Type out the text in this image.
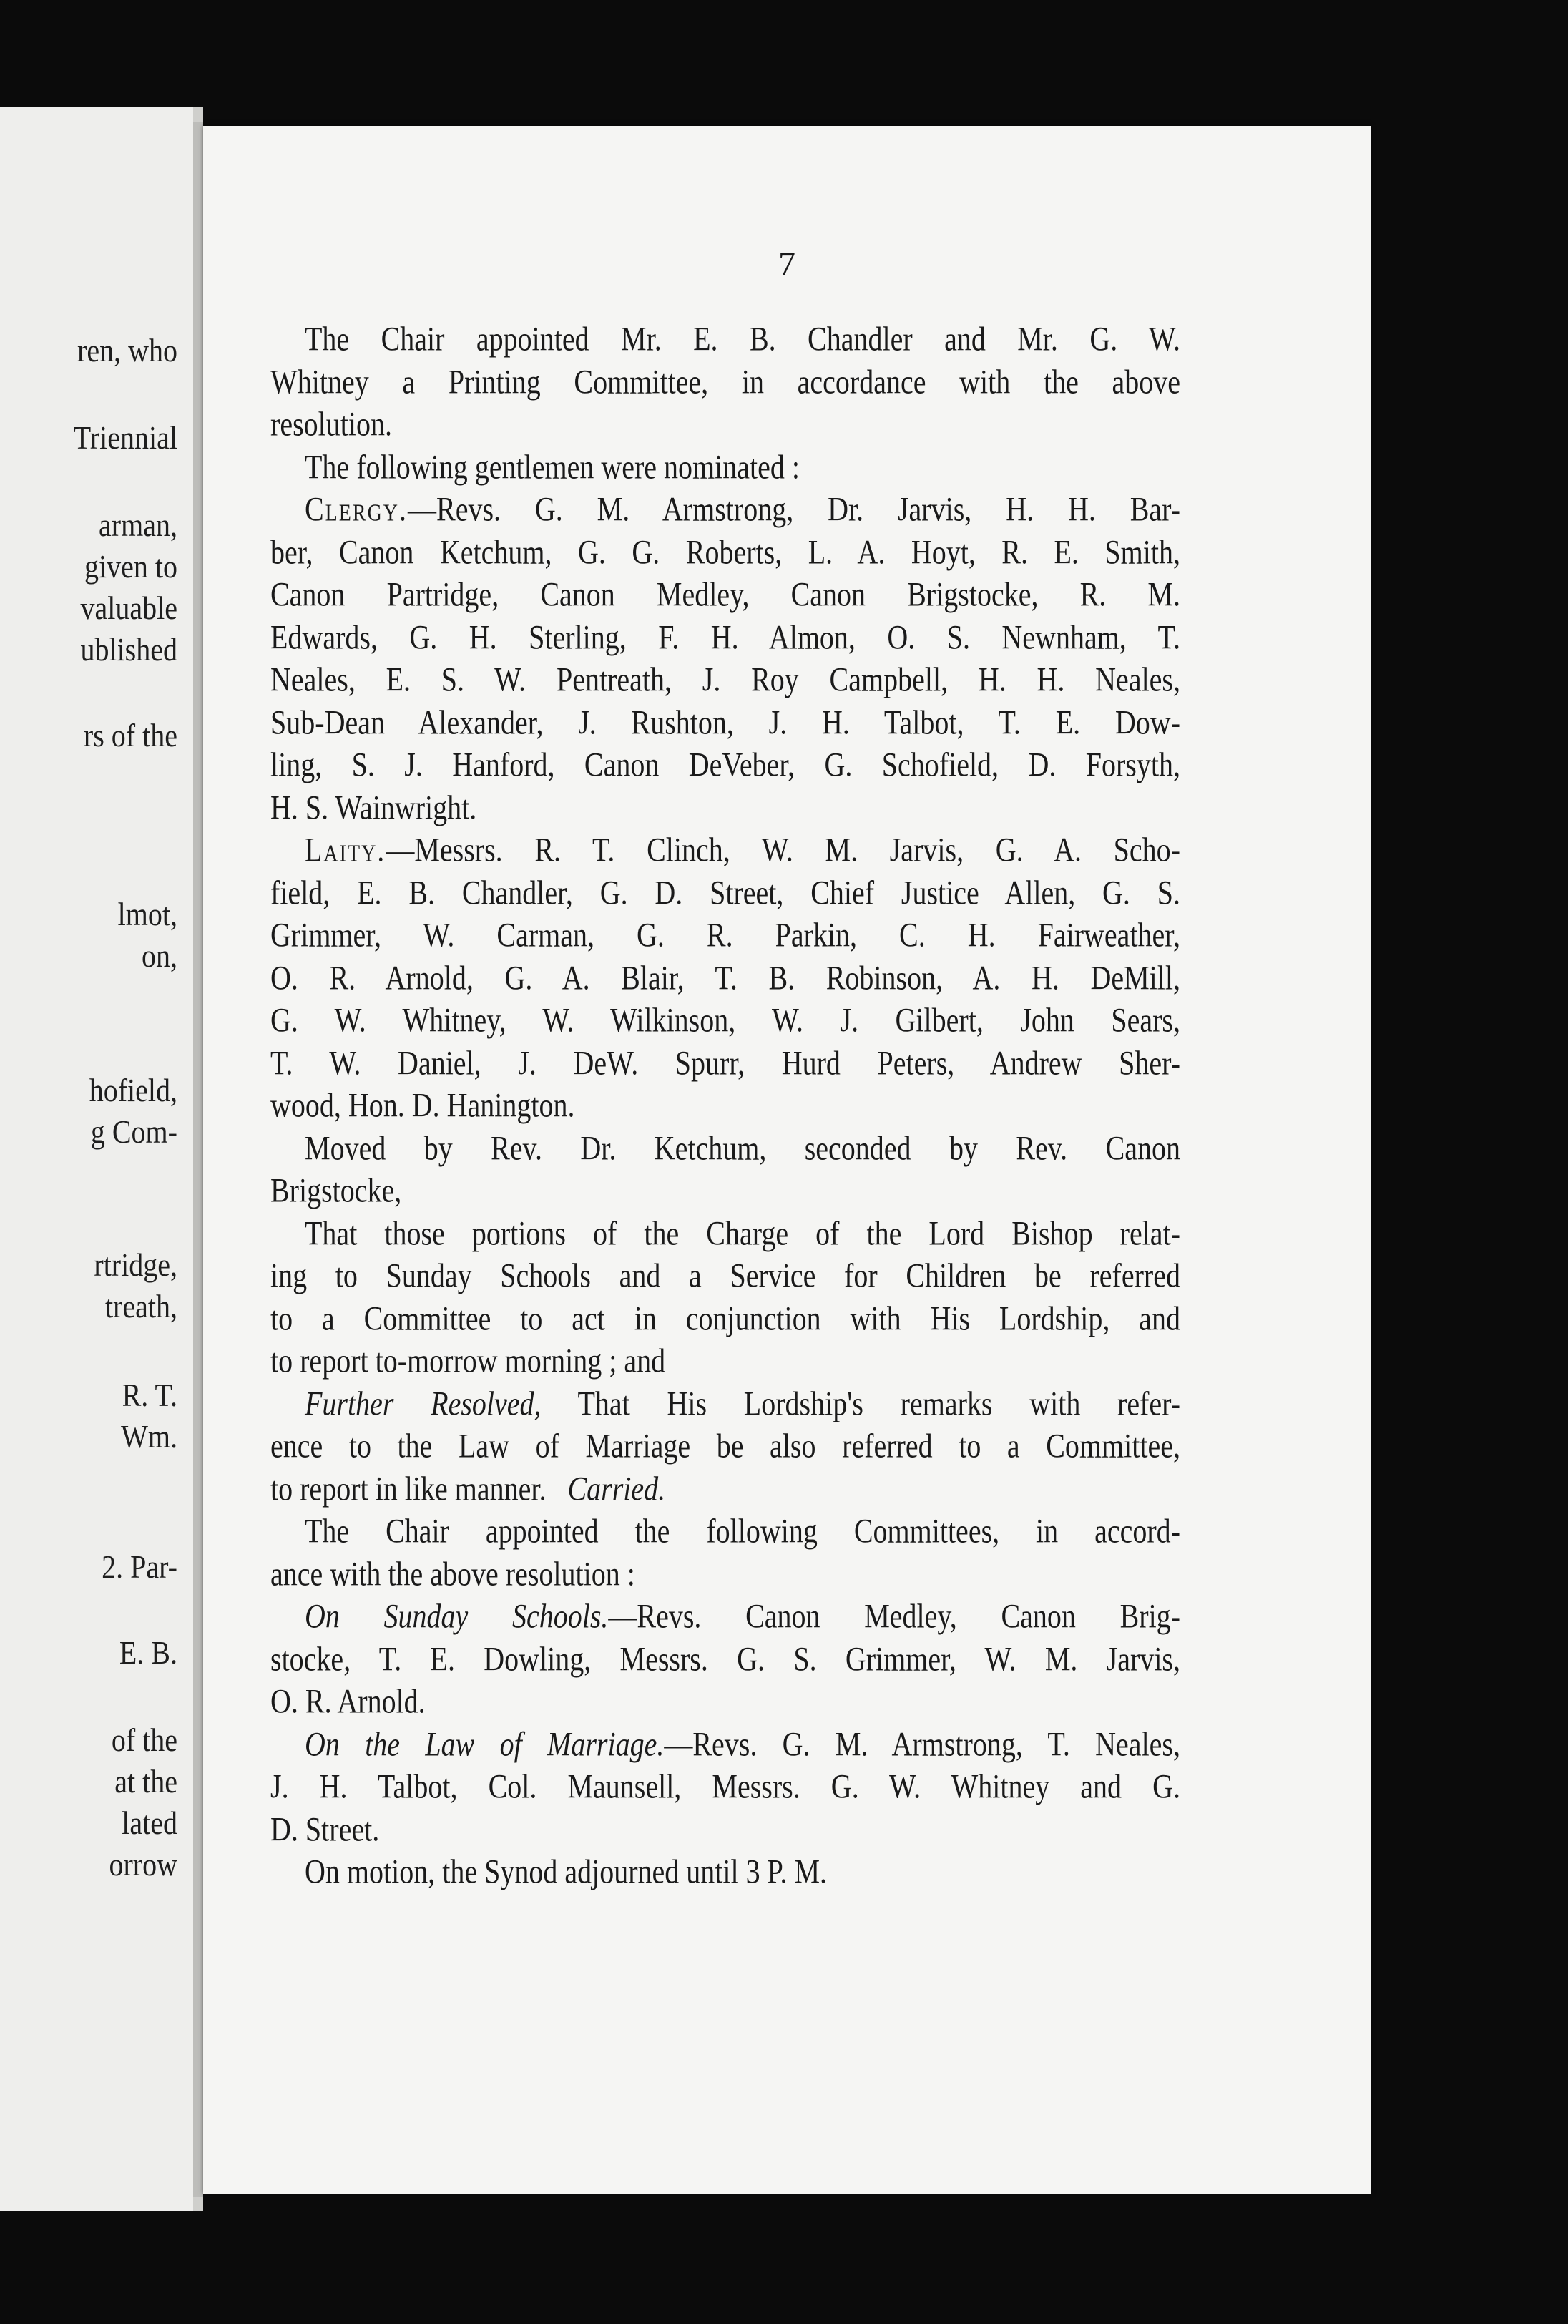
ren, who
Triennial
arman,
given to
valuable
ublished
rs of the
lmot,
on,
hofield,
g Com-
rtridge,
treath,
R. T.
Wm.
2. Par-
E. B.
of the
at the
lated
orrow
7
The Chair appointed Mr. E. B. Chandler and Mr. G. W.
Whitney a Printing Committee, in accordance with the above
resolution.
The following gentlemen were nominated :
Clergy.—Revs. G. M. Armstrong, Dr. Jarvis, H. H. Bar-
ber, Canon Ketchum, G. G. Roberts, L. A. Hoyt, R. E. Smith,
Canon Partridge, Canon Medley, Canon Brigstocke, R. M.
Edwards, G. H. Sterling, F. H. Almon, O. S. Newnham, T.
Neales, E. S. W. Pentreath, J. Roy Campbell, H. H. Neales,
Sub-Dean Alexander, J. Rushton, J. H. Talbot, T. E. Dow-
ling, S. J. Hanford, Canon DeVeber, G. Schofield, D. Forsyth,
H. S. Wainwright.
Laity.—Messrs. R. T. Clinch, W. M. Jarvis, G. A. Scho-
field, E. B. Chandler, G. D. Street, Chief Justice Allen, G. S.
Grimmer, W. Carman, G. R. Parkin, C. H. Fairweather,
O. R. Arnold, G. A. Blair, T. B. Robinson, A. H. DeMill,
G. W. Whitney, W. Wilkinson, W. J. Gilbert, John Sears,
T. W. Daniel, J. DeW. Spurr, Hurd Peters, Andrew Sher-
wood, Hon. D. Hanington.
Moved by Rev. Dr. Ketchum, seconded by Rev. Canon
Brigstocke,
That those portions of the Charge of the Lord Bishop relat-
ing to Sunday Schools and a Service for Children be referred
to a Committee to act in conjunction with His Lordship, and
to report to-morrow morning ; and
Further Resolved, That His Lordship's remarks with refer-
ence to the Law of Marriage be also referred to a Committee,
to report in like manner. Carried.
The Chair appointed the following Committees, in accord-
ance with the above resolution :
On Sunday Schools.—Revs. Canon Medley, Canon Brig-
stocke, T. E. Dowling, Messrs. G. S. Grimmer, W. M. Jarvis,
O. R. Arnold.
On the Law of Marriage.—Revs. G. M. Armstrong, T. Neales,
J. H. Talbot, Col. Maunsell, Messrs. G. W. Whitney and G.
D. Street.
On motion, the Synod adjourned until 3 P. M.
